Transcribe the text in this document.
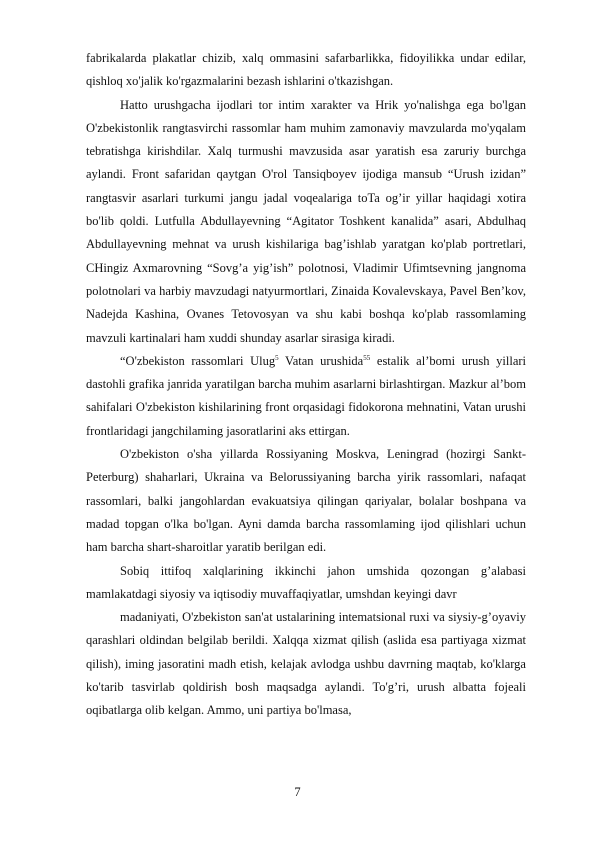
fabrikalarda plakatlar chizib, xalq ommasini safarbarlikka, fidoyilikka undar edilar, qishloq xo'jalik ko'rgazmalarini bezash ishlarini o'tkazishgan.

Hatto urushgacha ijodlari tor intim xarakter va Hrik yo'nalishga ega bo'lgan O'zbekistonlik rangtasvirchi rassomlar ham muhim zamonaviy mavzularda mo'yqalam tebratishga kirishdilar. Xalq turmushi mavzusida asar yaratish esa zaruriy burchga aylandi. Front safaridan qaytgan O'rol Tansiqboyev ijodiga mansub “Urush izidan” rangtasvir asarlari turkumi jangu jadal voqealariga toTa og’ir yillar haqidagi xotira bo'lib qoldi. Lutfulla Abdullayevning “Agitator Toshkent kanalida” asari, Abdulhaq Abdullayevning mehnat va urush kishilariga bag’ishlab yaratgan ko'plab portretlari, CHingiz Axmarovning “Sovg’a yig’ish” polotnosi, Vladimir Ufimtsevning jangnoma polotnolari va harbiy mavzudagi natyurmortlari, Zinaida Kovalevskaya, Pavel Ben’kov, Nadejda Kashina, Ovanes Tetovosyan va shu kabi boshqa ko'plab rassomlaming mavzuli kartinalari ham xuddi shunday asarlar sirasiga kiradi.

“O'zbekiston rassomlari Ulug$^5$ Vatan urushida$^{55}$ estalik al’bomi urush yillari dastohli grafika janrida yaratilgan barcha muhim asarlarni birlashtirgan. Mazkur al’bom sahifalari O'zbekiston kishilarining front orqasidagi fidokorona mehnatini, Vatan urushi frontlaridagi jangchilaming jasoratlarini aks ettirgan.

O'zbekiston o'sha yillarda Rossiyaning Moskva, Leningrad (hozirgi Sankt-Peterburg) shaharlari, Ukraina va Belorussiyaning barcha yirik rassomlari, nafaqat rassomlari, balki jangohlardan evakuatsiya qilingan qariyalar, bolalar boshpana va madad topgan o'lka bo'lgan. Ayni damda barcha rassomlaming ijod qilishlari uchun ham barcha shart-sharoitlar yaratib berilgan edi.

Sobiq ittifoq xalqlarining ikkinchi jahon umshida qozongan g’alabasi mamlakatdagi siyosiy va iqtisodiy muvaffaqiyatlar, umshdan keyingi davr

madaniyati, O'zbekiston san'at ustalarining intematsional ruxi va siysiy-g’oyaviy qarashlari oldindan belgilab berildi. Xalqqa xizmat qilish (aslida esa partiyaga xizmat qilish), iming jasoratini madh etish, kelajak avlodga ushbu davrning maqtab, ko'klarga ko'tarib tasvirlab qoldirish bosh maqsadga aylandi. To'g’ri, urush albatta fojeali oqibatlarga olib kelgan. Ammo, uni partiya bo'lmasa,

7
